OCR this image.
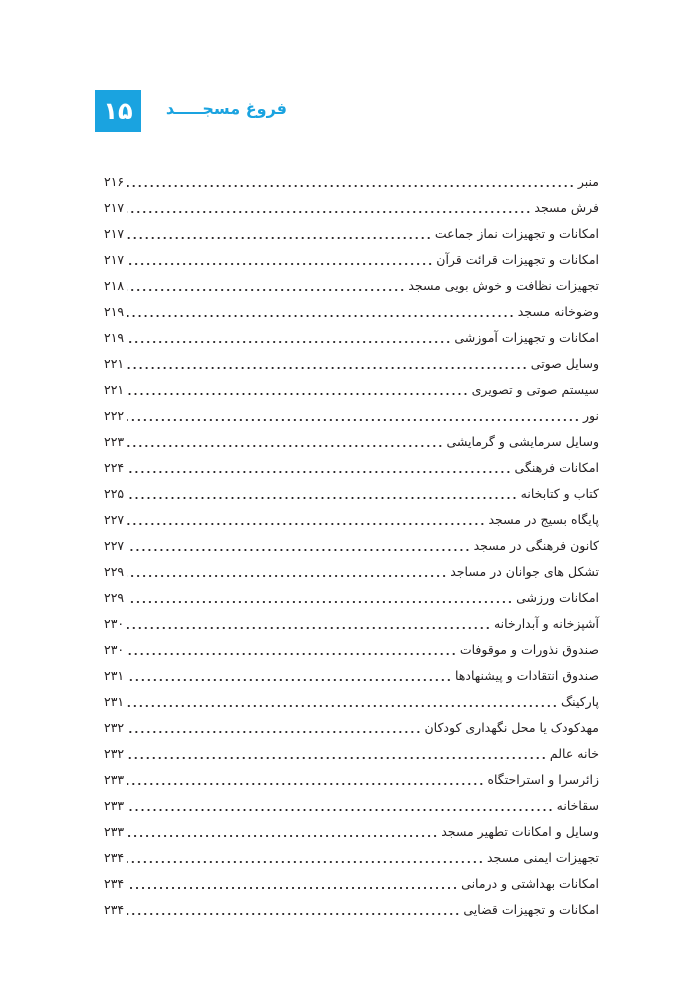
۱۵	فروغ مسجـــــد
منبر
۲۱۶
فرش مسجد
۲۱۷
امکانات و تجهیزات نماز جماعت
۲۱۷
امکانات و تجهیزات قرائت قرآن
۲۱۷
تجهیزات نظافت و خوش بویی مسجد
۲۱۸
وضوخانه مسجد
۲۱۹
امکانات و تجهیزات آموزشی
۲۱۹
وسایل صوتی
۲۲۱
سیستم صوتی و تصویری
۲۲۱
نور
۲۲۲
وسایل سرمایشی و گرمایشی
۲۲۳
امکانات فرهنگی
۲۲۴
کتاب و کتابخانه
۲۲۵
پایگاه بسیج در مسجد
۲۲۷
کانون فرهنگی در مسجد
۲۲۷
تشکل های جوانان در مساجد
۲۲۹
امکانات ورزشی
۲۲۹
آشپزخانه و آبدارخانه
۲۳۰
صندوق نذورات و موقوفات
۲۳۰
صندوق انتقادات و پیشنهادها
۲۳۱
پارکینگ
۲۳۱
مهدکودک یا محل نگهداری کودکان
۲۳۲
خانه عالم
۲۳۲
زائرسرا و استراحتگاه
۲۳۳
سقاخانه
۲۳۳
وسایل و امکانات تطهیر مسجد
۲۳۳
تجهیزات ایمنی مسجد
۲۳۴
امکانات بهداشتی و درمانی
۲۳۴
امکانات و تجهیزات قضایی
۲۳۴
